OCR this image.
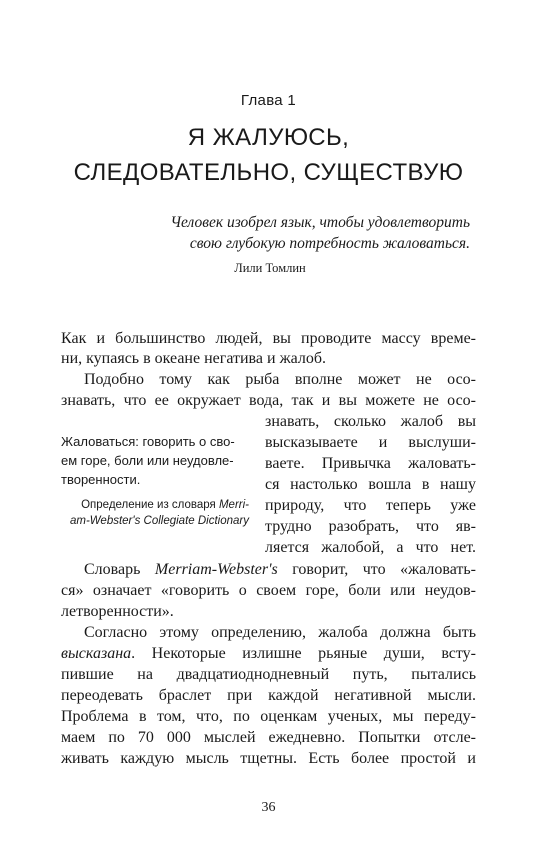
Глава 1
Я ЖАЛУЮСЬ,
СЛЕДОВАТЕЛЬНО, СУЩЕСТВУЮ
Человек изобрел язык, чтобы удовлетворить
свою глубокую потребность жаловаться.
Лили Томлин
Как и большинство людей, вы проводите массу време-
ни, купаясь в океане негатива и жалоб.
Подобно тому как рыба вполне может не осо-
знавать, что ее окружает вода, так и вы можете не осо-
знавать, сколько жалоб вы
высказываете и выслуши-
ваете. Привычка жаловать-
ся настолько вошла в нашу
природу, что теперь уже
трудно разобрать, что яв-
ляется жалобой, а что нет.
Жаловаться: говорить о сво-
ем горе, боли или неудовле-
творенности.
Определение из словаря Merri-
am-Webster's Collegiate Dictionary
Словарь Merriam-Webster's говорит, что «жаловать-
ся» означает «говорить о своем горе, боли или неудов-
летворенности».
Согласно этому определению, жалоба должна быть
высказана. Некоторые излишне рьяные души, всту-
пившие на двадцатиоднодневный путь, пытались
переодевать браслет при каждой негативной мысли.
Проблема в том, что, по оценкам ученых, мы переду-
маем по 70 000 мыслей ежедневно. Попытки отсле-
живать каждую мысль тщетны. Есть более простой и
36
